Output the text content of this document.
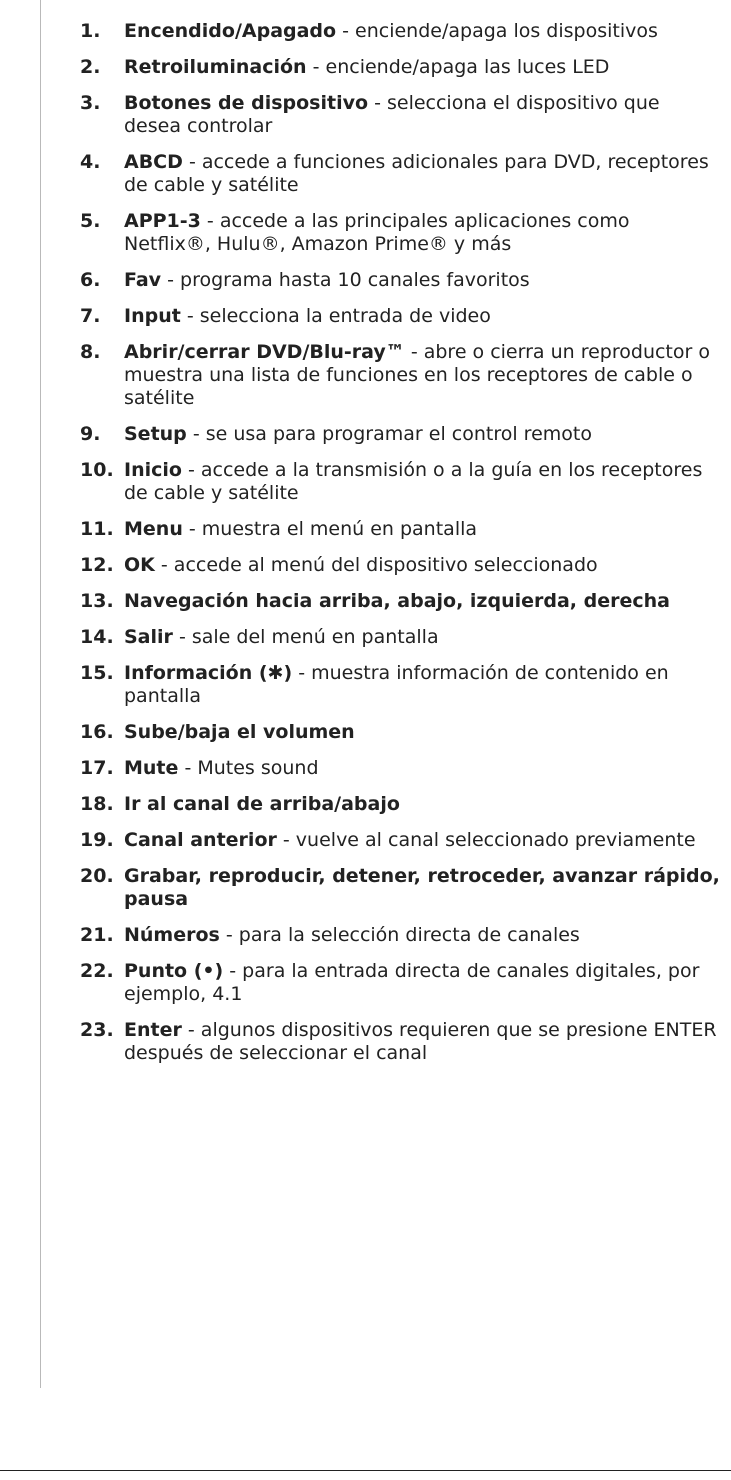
1. Encendido/Apagado - enciende/apaga los dispositivos
2. Retroiluminación - enciende/apaga las luces LED
3. Botones de dispositivo - selecciona el dispositivo que desea controlar
4. ABCD - accede a funciones adicionales para DVD, receptores de cable y satélite
5. APP1-3 - accede a las principales aplicaciones como Netflix®, Hulu®, Amazon Prime® y más
6. Fav - programa hasta 10 canales favoritos
7. Input - selecciona la entrada de video
8. Abrir/cerrar DVD/Blu-ray™ - abre o cierra un reproductor o muestra una lista de funciones en los receptores de cable o satélite
9. Setup - se usa para programar el control remoto
10. Inicio - accede a la transmisión o a la guía en los receptores de cable y satélite
11. Menu - muestra el menú en pantalla
12. OK - accede al menú del dispositivo seleccionado
13. Navegación hacia arriba, abajo, izquierda, derecha
14. Salir - sale del menú en pantalla
15. Información (✱) - muestra información de contenido en pantalla
16. Sube/baja el volumen
17. Mute - Mutes sound
18. Ir al canal de arriba/abajo
19. Canal anterior - vuelve al canal seleccionado previamente
20. Grabar, reproducir, detener, retroceder, avanzar rápido, pausa
21. Números - para la selección directa de canales
22. Punto (•) - para la entrada directa de canales digitales, por ejemplo, 4.1
23. Enter - algunos dispositivos requieren que se presione ENTER después de seleccionar el canal
